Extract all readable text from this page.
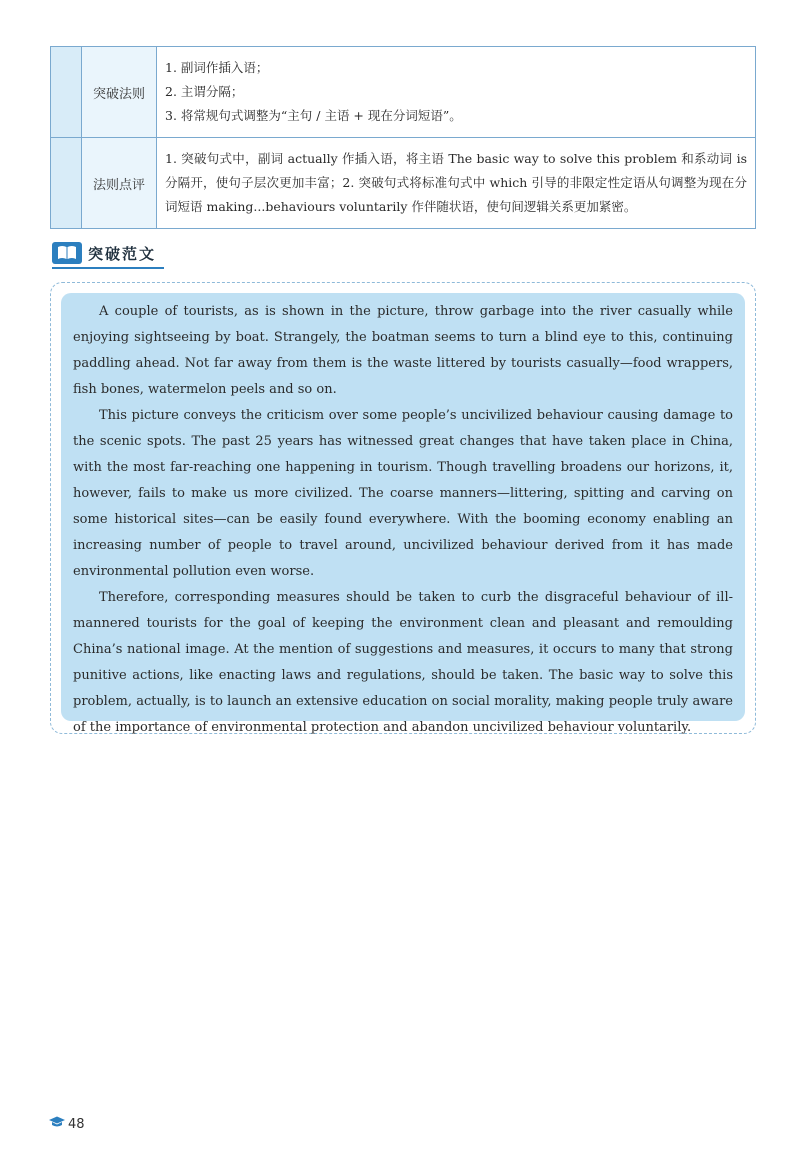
	突破法则	1. 副词作插入语；

2. 主谓分隔；

3. 将常规句式调整为“主句 / 主语 + 现在分词短语”。

	法则点评	1. 突破句式中，副词 actually 作插入语，将主语 The basic way to solve this problem 和系动词 is 分隔开，使句子层次更加丰富；2. 突破句式将标准句式中 which 引导的非限定性定语从句调整为现在分词短语 making...behaviours voluntarily 作伴随状语，使句间逻辑关系更加紧密。
突破范文

A couple of tourists, as is shown in the picture, throw garbage into the river casually while enjoying sightseeing by boat. Strangely, the boatman seems to turn a blind eye to this, continuing paddling ahead. Not far away from them is the waste littered by tourists casually—food wrappers, fish bones, watermelon peels and so on.

This picture conveys the criticism over some people’s uncivilized behaviour causing damage to the scenic spots. The past 25 years has witnessed great changes that have taken place in China, with the most far-reaching one happening in tourism. Though travelling broadens our horizons, it, however, fails to make us more civilized. The coarse manners—littering, spitting and carving on some historical sites—can be easily found everywhere. With the booming economy enabling an increasing number of people to travel around, uncivilized behaviour derived from it has made environmental pollution even worse.

Therefore, corresponding measures should be taken to curb the disgraceful behaviour of ill-mannered tourists for the goal of keeping the environment clean and pleasant and remoulding China’s national image. At the mention of suggestions and measures, it occurs to many that strong punitive actions, like enacting laws and regulations, should be taken. The basic way to solve this problem, actually, is to launch an extensive education on social morality, making people truly aware of the importance of environmental protection and abandon uncivilized behaviour voluntarily.

48
